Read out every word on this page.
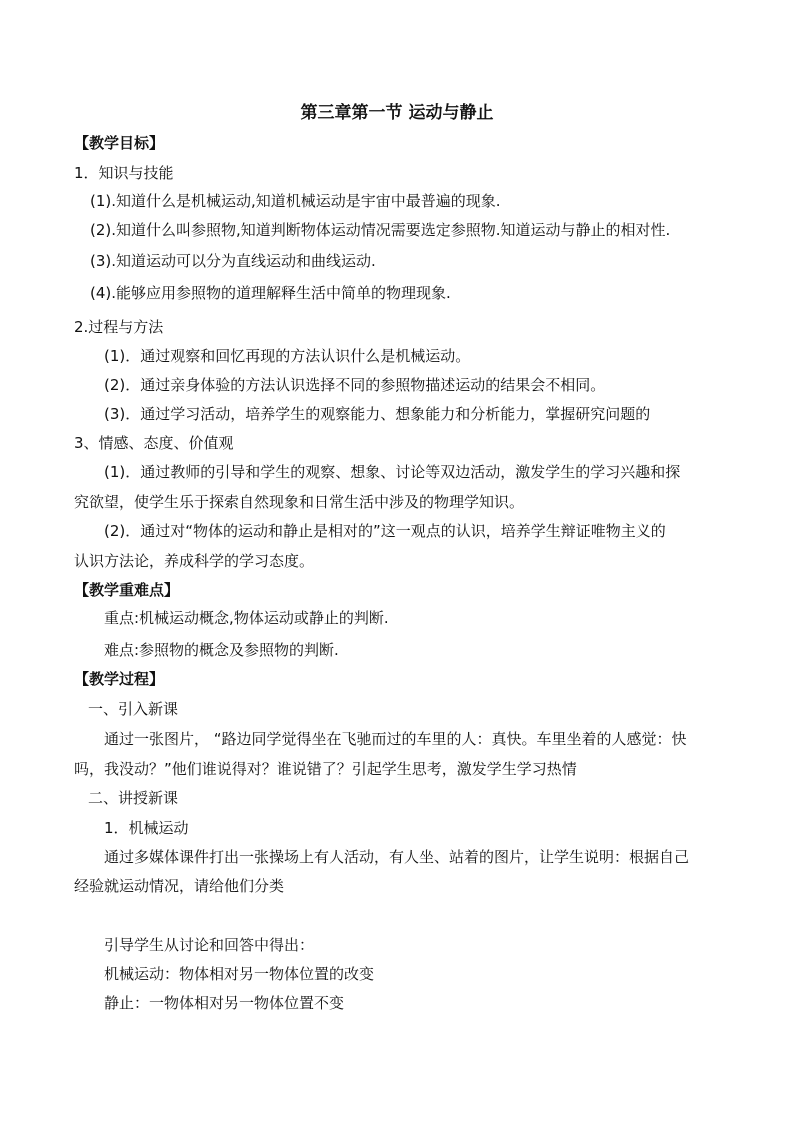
第三章第一节 运动与静止
【教学目标】
1．知识与技能
(1).知道什么是机械运动,知道机械运动是宇宙中最普遍的现象.
(2).知道什么叫参照物,知道判断物体运动情况需要选定参照物.知道运动与静止的相对性.
(3).知道运动可以分为直线运动和曲线运动.
(4).能够应用参照物的道理解释生活中简单的物理现象.
2.过程与方法
(1)．通过观察和回忆再现的方法认识什么是机械运动。
(2)．通过亲身体验的方法认识选择不同的参照物描述运动的结果会不相同。
(3)．通过学习活动，培养学生的观察能力、想象能力和分析能力，掌握研究问题的
3、情感、态度、价值观
(1)．通过教师的引导和学生的观察、想象、讨论等双边活动，激发学生的学习兴趣和探
究欲望，使学生乐于探索自然现象和日常生活中涉及的物理学知识。
(2)．通过对“物体的运动和静止是相对的”这一观点的认识，培养学生辩证唯物主义的
认识方法论，养成科学的学习态度。
【教学重难点】
重点:机械运动概念,物体运动或静止的判断.
难点:参照物的概念及参照物的判断.
【教学过程】
一、引入新课
通过一张图片， “路边同学觉得坐在飞驰而过的车里的人：真快。车里坐着的人感觉：快
吗，我没动？”他们谁说得对？谁说错了？引起学生思考，激发学生学习热情
二、讲授新课
1．机械运动
通过多媒体课件打出一张操场上有人活动，有人坐、站着的图片，让学生说明：根据自己
经验就运动情况，请给他们分类
引导学生从讨论和回答中得出：
机械运动：物体相对另一物体位置的改变
静止：一物体相对另一物体位置不变
